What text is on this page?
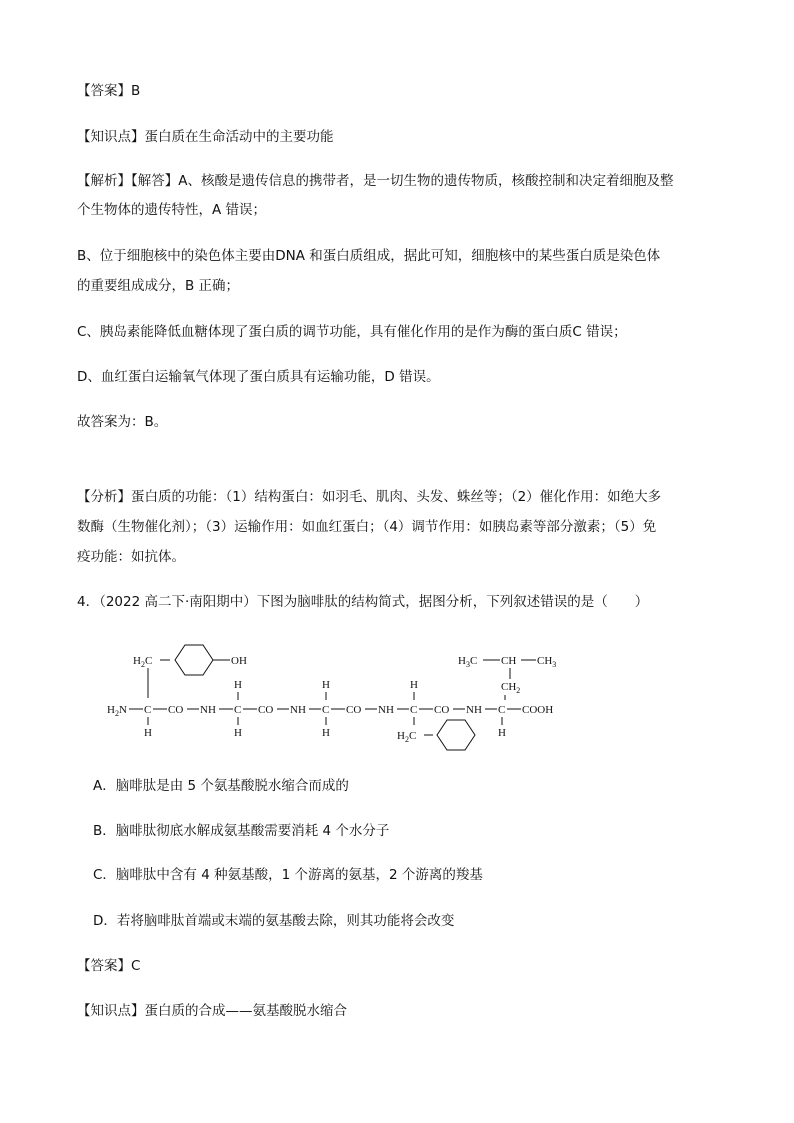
【答案】B
【知识点】蛋白质在生命活动中的主要功能
【解析】【解答】A、核酸是遗传信息的携带者，是一切生物的遗传物质，核酸控制和决定着细胞及整
个生物体的遗传特性，A 错误；
B、位于细胞核中的染色体主要由DNA 和蛋白质组成，据此可知，细胞核中的某些蛋白质是染色体
的重要组成成分，B 正确；
C、胰岛素能降低血糖体现了蛋白质的调节功能，具有催化作用的是作为酶的蛋白质C 错误；
D、血红蛋白运输氧气体现了蛋白质具有运输功能，D 错误。
故答案为：B。
【分析】蛋白质的功能：（1）结构蛋白：如羽毛、肌肉、头发、蛛丝等；（2）催化作用：如绝大多
数酶（生物催化剂）；（3）运输作用：如血红蛋白；（4）调节作用：如胰岛素等部分激素；（5）免
疫功能：如抗体。
4．（2022 高二下·南阳期中）下图为脑啡肽的结构简式，据图分析，下列叙述错误的是（　　）
$H_2C$	OH	$H_3C$ CH $CH_3$
$CH_2$
$H_2N$ C CO NH C CO NH C CO NH C CO NH C COOH
H	H	H
H	H	H	H
$H_2C$
A．脑啡肽是由 5 个氨基酸脱水缩合而成的
B．脑啡肽彻底水解成氨基酸需要消耗 4 个水分子
C．脑啡肽中含有 4 种氨基酸，1 个游离的氨基，2 个游离的羧基
D．若将脑啡肽首端或末端的氨基酸去除，则其功能将会改变
【答案】C
【知识点】蛋白质的合成——氨基酸脱水缩合
